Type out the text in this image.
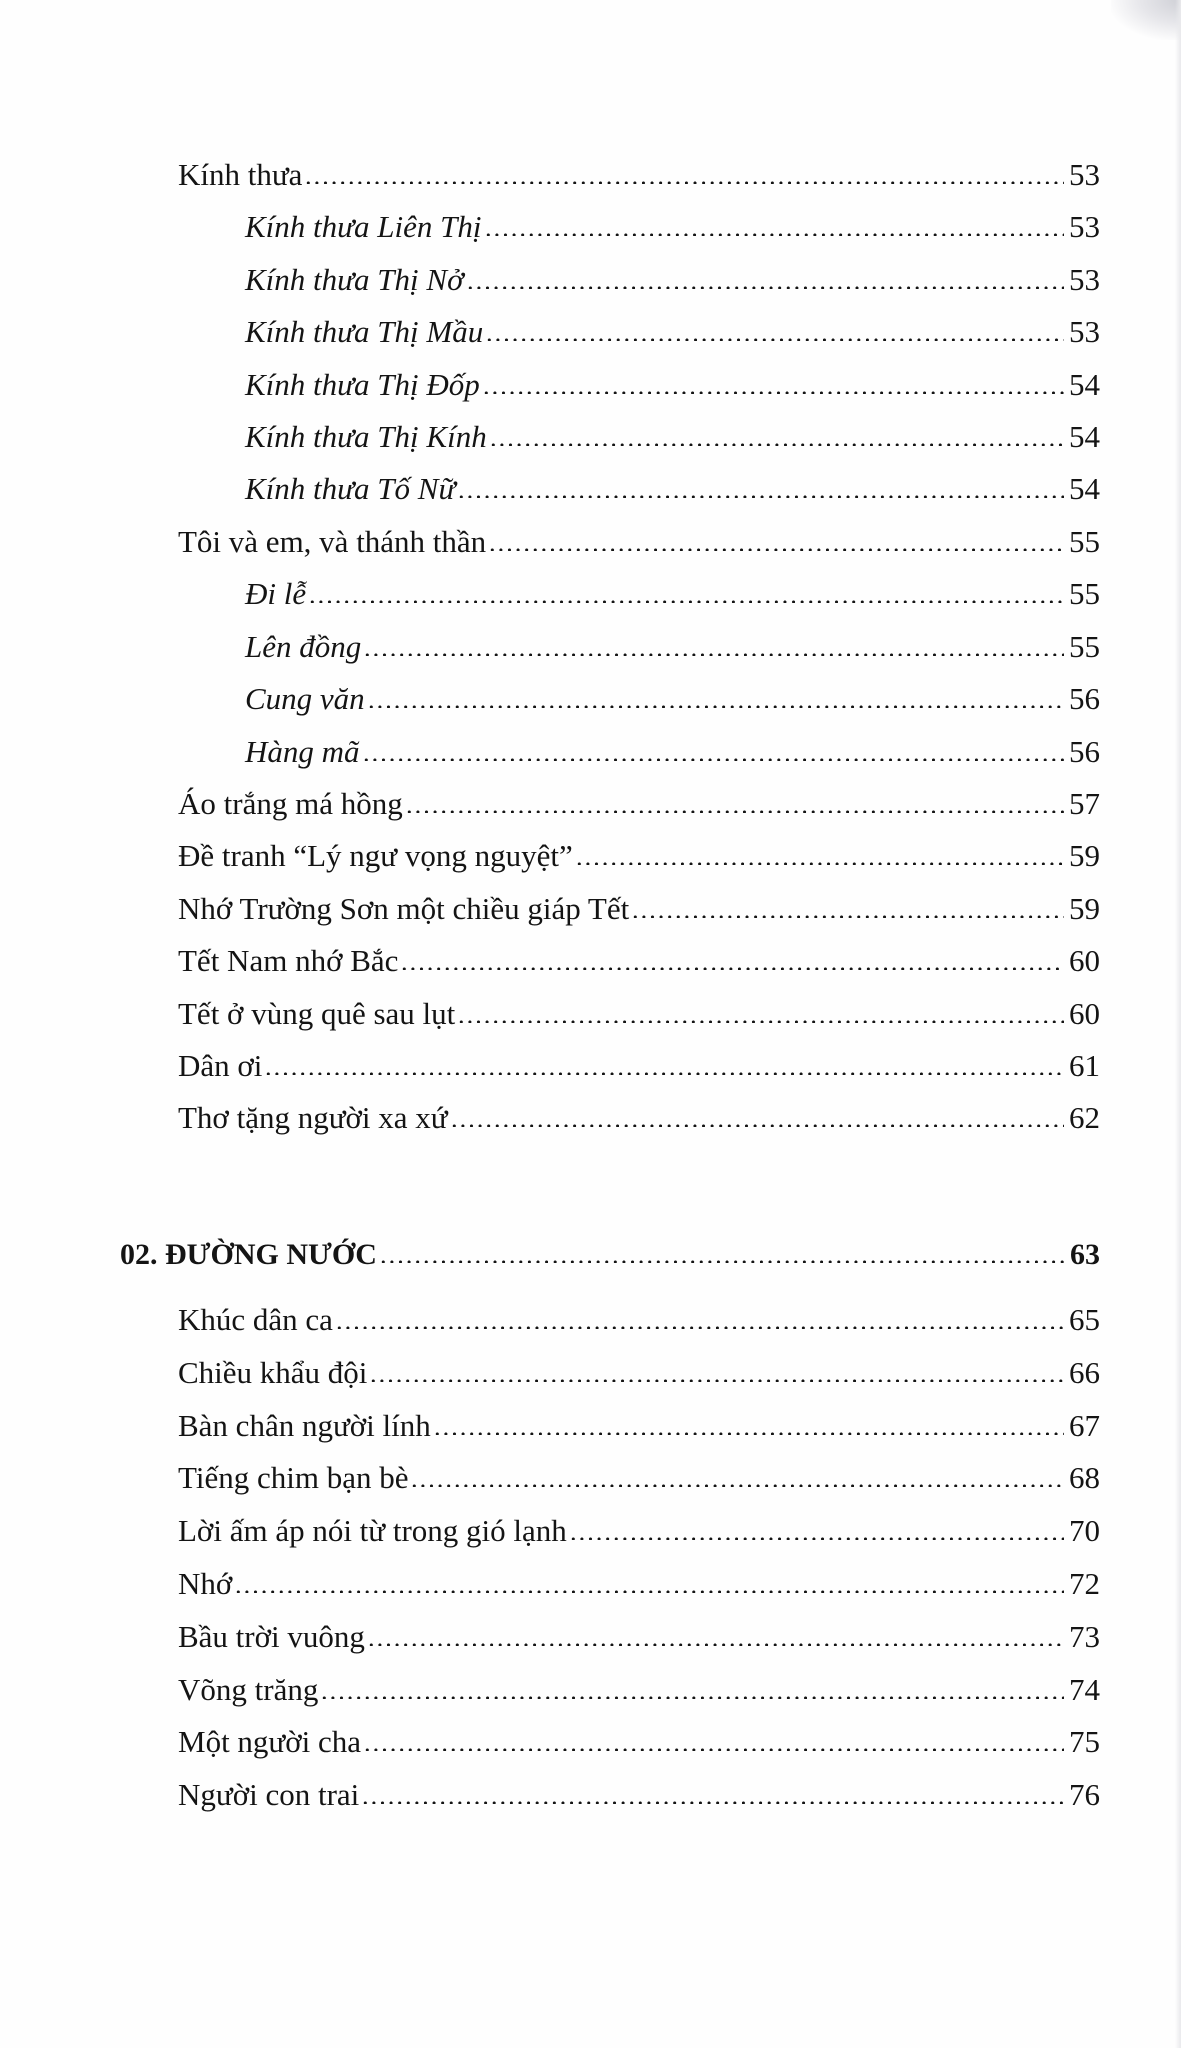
Kính thưa	53
Kính thưa Liên Thị	53
Kính thưa Thị Nở	53
Kính thưa Thị Mầu	53
Kính thưa Thị Đốp	54
Kính thưa Thị Kính	54
Kính thưa Tố Nữ	54
Tôi và em, và thánh thần	55
Đi lễ	55
Lên đồng	55
Cung văn	56
Hàng mã	56
Áo trắng má hồng	57
Đề tranh “Lý ngư vọng nguyệt”	59
Nhớ Trường Sơn một chiều giáp Tết	59
Tết Nam nhớ Bắc	60
Tết ở vùng quê sau lụt	60
Dân ơi	61
Thơ tặng người xa xứ	62
02. ĐƯỜNG NƯỚC	63
Khúc dân ca	65
Chiều khẩu đội	66
Bàn chân người lính	67
Tiếng chim bạn bè	68
Lời ấm áp nói từ trong gió lạnh	70
Nhớ	72
Bầu trời vuông	73
Võng trăng	74
Một người cha	75
Người con trai	76
